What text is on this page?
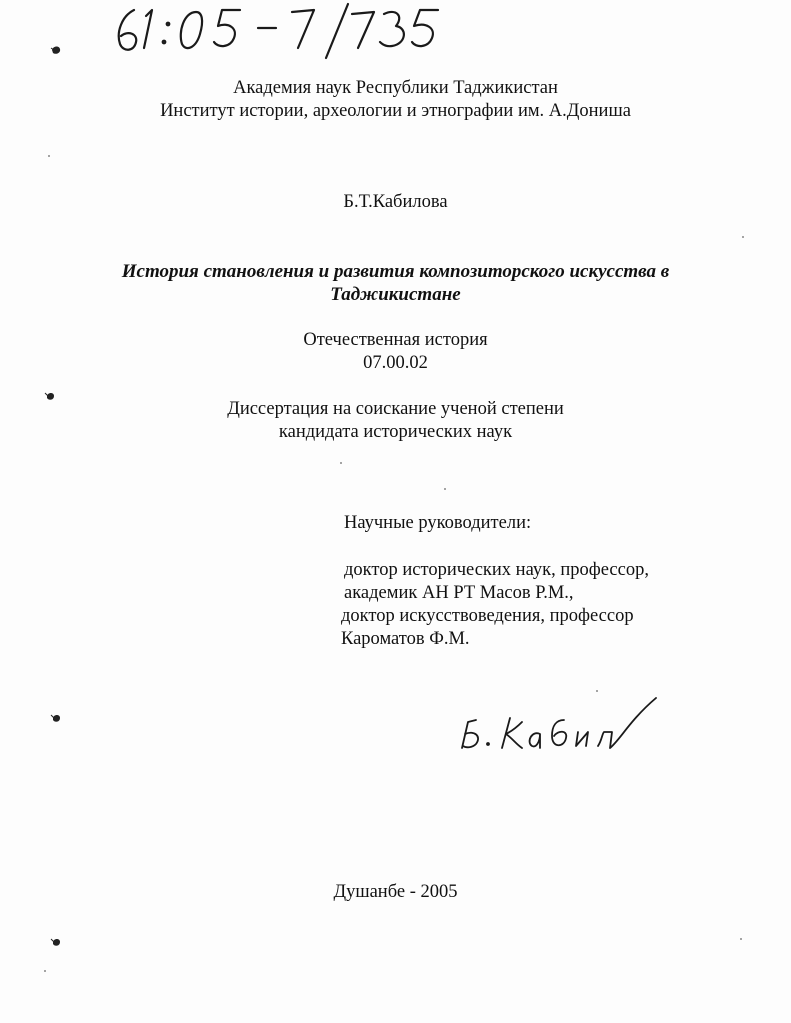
Академия наук Республики Таджикистан
Институт истории, археологии и этнографии им. А.Дониша
Б.Т.Кабилова
История становления и развития композиторского искусства в
Таджикистане
Отечественная история
07.00.02
Диссертация на соискание ученой степени
кандидата исторических наук
Научные руководители:
доктор исторических наук, профессор,
академик АН РТ Масов Р.М.,
доктор искусствоведения, профессор
Кароматов Ф.М.
Душанбе - 2005
